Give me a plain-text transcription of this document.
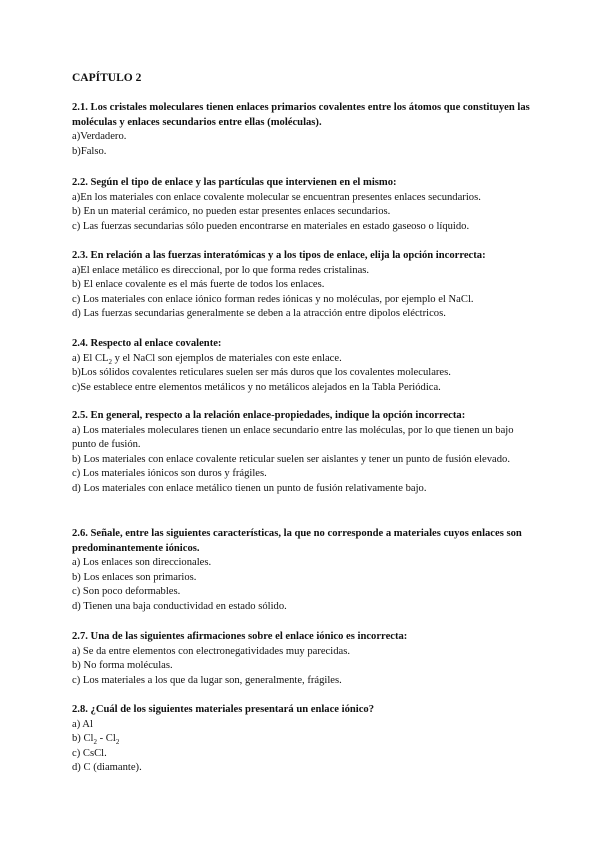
CAPÍTULO 2

2.1. Los cristales moleculares tienen enlaces primarios covalentes entre los átomos que constituyen las moléculas y enlaces secundarios entre ellas (moléculas).

a)Verdadero.

b)Falso.

2.2. Según el tipo de enlace y las partículas que intervienen en el mismo:

a)En los materiales con enlace covalente molecular se encuentran presentes enlaces secundarios.

b) En un material cerámico, no pueden estar presentes enlaces secundarios.

c) Las fuerzas secundarias sólo pueden encontrarse en materiales en estado gaseoso o líquido.

2.3. En relación a las fuerzas interatómicas y a los tipos de enlace, elija la opción incorrecta:

a)El enlace metálico es direccional, por lo que forma redes cristalinas.

b) El enlace covalente es el más fuerte de todos los enlaces.

c) Los materiales con enlace iónico forman redes iónicas y no moléculas, por ejemplo el NaCl.

d) Las fuerzas secundarias generalmente se deben a la atracción entre dipolos eléctricos.

2.4. Respecto al enlace covalente:

a) El $CL_2$ y el NaCl son ejemplos de materiales con este enlace.

b)Los sólidos covalentes reticulares suelen ser más duros que los covalentes moleculares.

c)Se establece entre elementos metálicos y no metálicos alejados en la Tabla Periódica.

2.5. En general, respecto a la relación enlace-propiedades, indique la opción incorrecta:

a) Los materiales moleculares tienen un enlace secundario entre las moléculas, por lo que tienen un bajo punto de fusión.

b) Los materiales con enlace covalente reticular suelen ser aislantes y tener un punto de fusión elevado.

c) Los materiales iónicos son duros y frágiles.

d) Los materiales con enlace metálico tienen un punto de fusión relativamente bajo.

2.6. Señale, entre las siguientes características, la que no corresponde a materiales cuyos enlaces son predominantemente iónicos.

a) Los enlaces son direccionales.

b) Los enlaces son primarios.

c) Son poco deformables.

d) Tienen una baja conductividad en estado sólido.

2.7. Una de las siguientes afirmaciones sobre el enlace iónico es incorrecta:

a) Se da entre elementos con electronegatividades muy parecidas.

b) No forma moléculas.

c) Los materiales a los que da lugar son, generalmente, frágiles.

2.8. ¿Cuál de los siguientes materiales presentará un enlace iónico?

a) Al

b) $Cl_2 - Cl_2$

c) CsCl.

d) C (diamante).
